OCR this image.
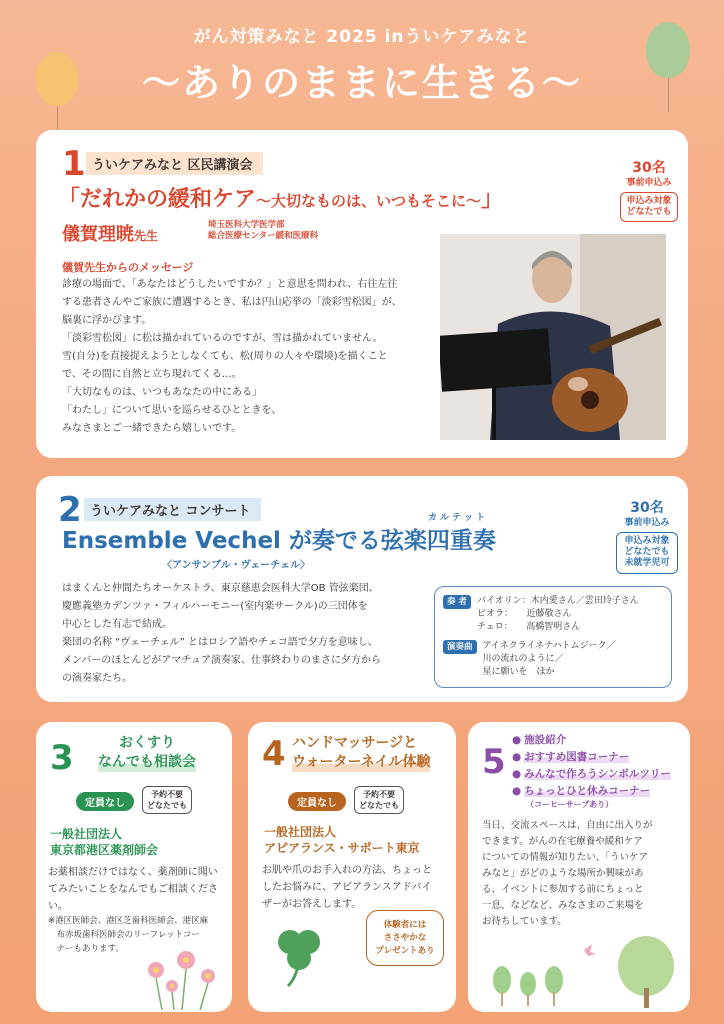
がん対策みなと 2025 inういケアみなと
～ありのままに生きる～
1 ういケアみなと 区民講演会
「だれかの緩和ケア～大切なものは、いつもそこに～」
儀賀理暁先生
埼玉医科大学医学部
総合医療センター緩和医療科
儀賀先生からのメッセージ
診療の場面で、「あなたはどうしたいですか？」と意思を問われ、右往左往
する患者さんやご家族に遭遇するとき、私は円山応挙の「淡彩雪松図」が、
脳裏に浮かびます。
「淡彩雪松図」に松は描かれているのですが、雪は描かれていません。
雪(自分)を直接捉えようとしなくても、松(周りの人々や環境)を描くこと
で、その間に自然と立ち現れてくる…。
「大切なものは、いつもあなたの中にある」
「わたし」について思いを巡らせるひとときを、
みなさまとご一緒できたら嬉しいです。
30名
事前申込み
申込み対象
どなたでも
2 ういケアみなと コンサート	カルテット
Ensemble Vechel が奏でる弦楽四重奏
〈アンサンブル・ヴェーチェル〉
はまくんと仲間たちオーケストラ、東京慈恵会医科大学OB 管弦楽団、
慶應義塾カデンツァ・フィルハーモニー(室内楽サークル)の三団体を
中心とした有志で結成。
楽団の名称 “ヴェーチェル” とはロシア語やチェコ語で夕方を意味し、
メンバーのほとんどがアマチュア演奏家、仕事終わりのまさに夕方から
の演奏家たち。
30名
事前申込み
申込み対象
どなたでも
未就学児可
奏 者	バイオリン：木内愛さん／雲田玲子さん
ビオラ：　　近藤敬さん
チェロ：　　高橋智明さん
演奏曲	アイネクライネナハトムジーク／
川の流れのように／
星に願いを　ほか
3	おくすり
なんでも相談会
定員なし
予約不要
どなたでも
一般社団法人
東京都港区薬剤師会
お薬相談だけではなく、薬剤師に聞い
てみたいことをなんでもご相談くださ
い。
※港区医師会、港区芝歯科医師会、港区麻
　布赤坂歯科医師会のリーフレットコー
　ナーもあります。
4 ハンドマッサージと
ウォーターネイル体験
定員なし
予約不要
どなたでも
一般社団法人
アピアランス・サポート東京
お肌や爪のお手入れの方法、ちょっと
したお悩みに、アピアランスアドバイ
ザーがお答えします。
体験者には
ささやかな
プレゼントあり
5
● 施設紹介
● おすすめ図書コーナー
● みんなで作ろうシンボルツリー
● ちょっとひと休みコーナー
（コーヒーサーブあり）
当日、交流スペースは、自由に出入りが
できます。がんの在宅療養や緩和ケア
についての情報が知りたい、「ういケア
みなと」がどのような場所か興味があ
る、イベントに参加する前にちょっと
一息、などなど、みなさまのご来場を
お待ちしています。
